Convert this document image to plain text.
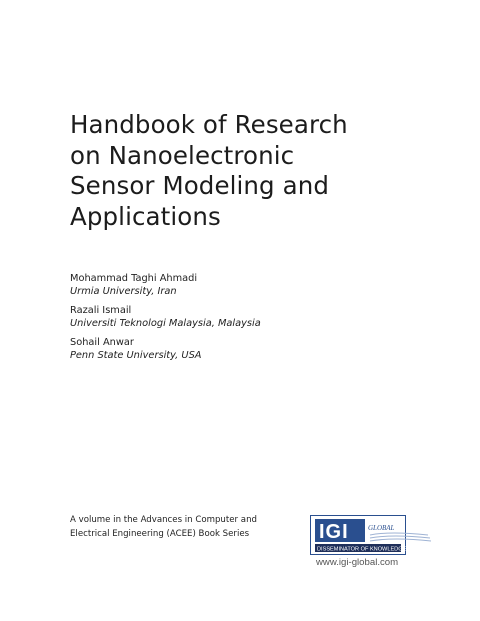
Handbook of Research
on Nanoelectronic
Sensor Modeling and
Applications
Mohammad Taghi Ahmadi
Urmia University, Iran
Razali Ismail
Universiti Teknologi Malaysia, Malaysia
Sohail Anwar
Penn State University, USA
A volume in the Advances in Computer and
Electrical Engineering (ACEE) Book Series	IGI	GLOBAL
DISSEMINATOR OF KNOWLEDGE
www.igi-global.com
